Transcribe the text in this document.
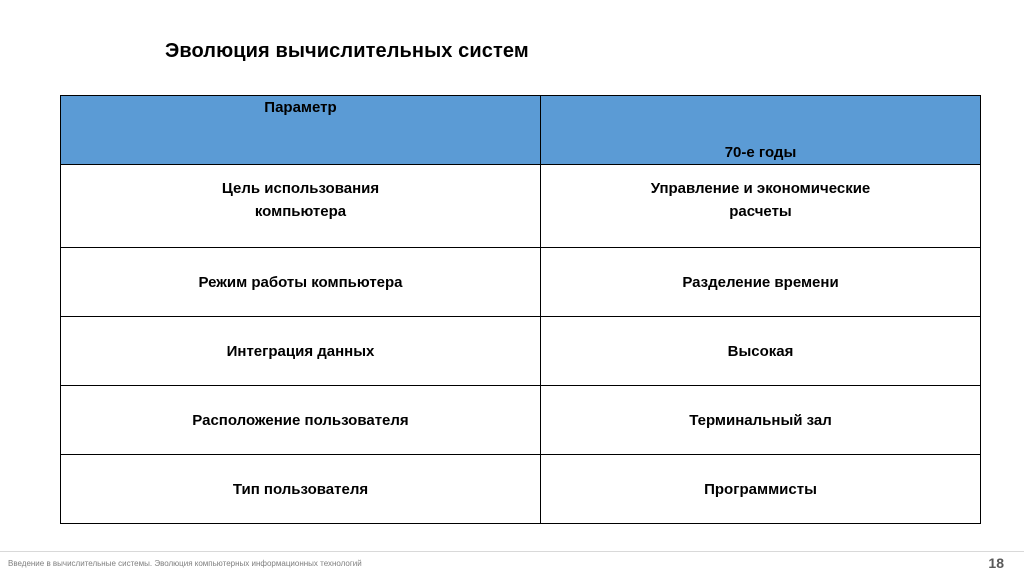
Эволюция вычислительных систем
Параметр	70-е годы
Цель использования компьютера	Управление и экономические расчеты
Режим работы компьютера	Разделение времени
Интеграция данных	Высокая
Расположение пользователя	Терминальный зал
Тип пользователя	Программисты
Введение в вычислительные системы. Эволюция компьютерных информационных технологий	18
